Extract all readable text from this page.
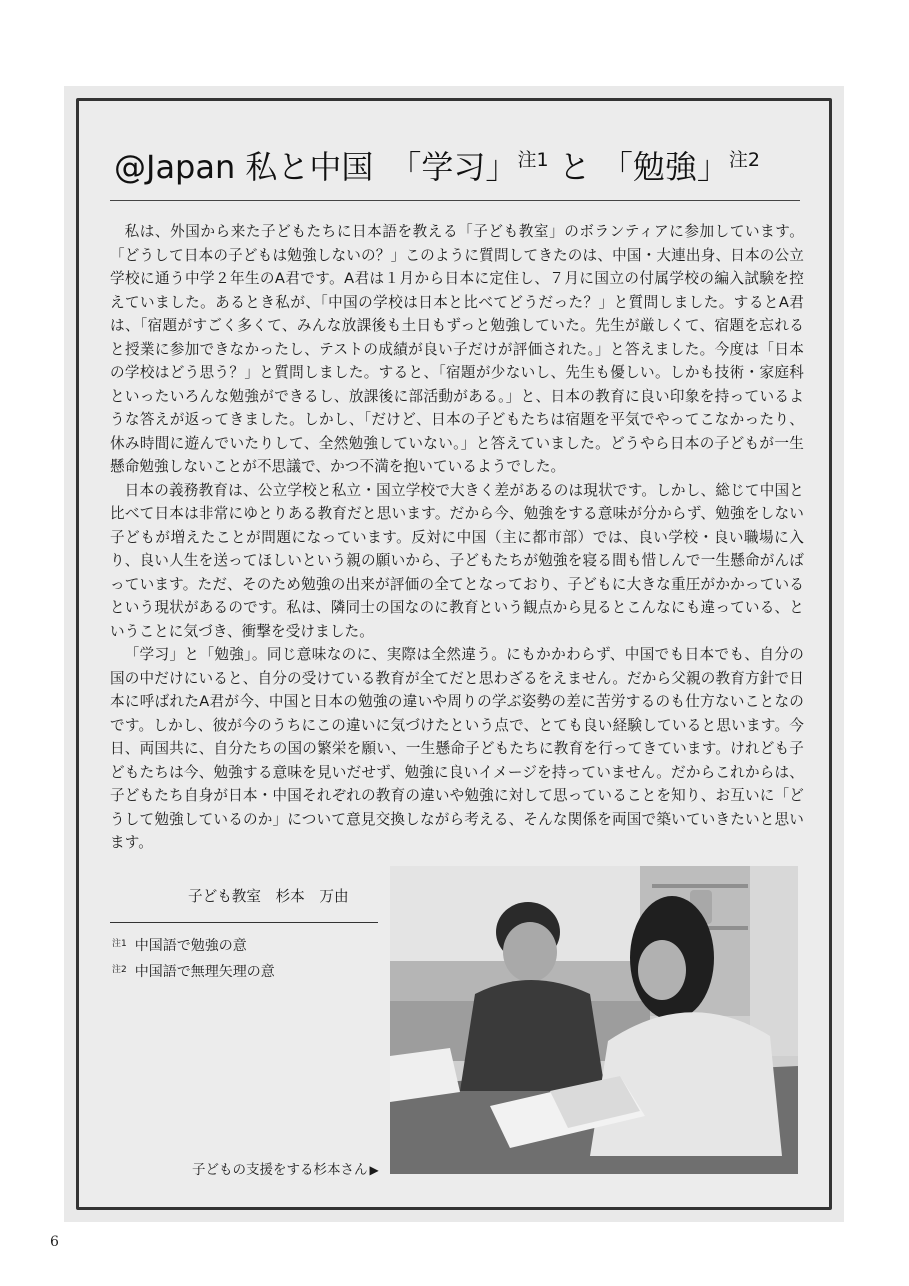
@Japan 私と中国　「学习」$^{注1}$ と 「勉強」$^{注2}$

私は、外国から来た子どもたちに日本語を教える「子ども教室」のボランティアに参加しています。「どうして日本の子どもは勉強しないの？」このように質問してきたのは、中国・大連出身、日本の公立学校に通う中学２年生のA君です。A君は１月から日本に定住し、７月に国立の付属学校の編入試験を控えていました。あるとき私が、「中国の学校は日本と比べてどうだった？」と質問しました。するとA君は、「宿題がすごく多くて、みんな放課後も土日もずっと勉強していた。先生が厳しくて、宿題を忘れると授業に参加できなかったし、テストの成績が良い子だけが評価された。」と答えました。今度は「日本の学校はどう思う？」と質問しました。すると、「宿題が少ないし、先生も優しい。しかも技術・家庭科といったいろんな勉強ができるし、放課後に部活動がある。」と、日本の教育に良い印象を持っているような答えが返ってきました。しかし、「だけど、日本の子どもたちは宿題を平気でやってこなかったり、休み時間に遊んでいたりして、全然勉強していない。」と答えていました。どうやら日本の子どもが一生懸命勉強しないことが不思議で、かつ不満を抱いているようでした。

日本の義務教育は、公立学校と私立・国立学校で大きく差があるのは現状です。しかし、総じて中国と比べて日本は非常にゆとりある教育だと思います。だから今、勉強をする意味が分からず、勉強をしない子どもが増えたことが問題になっています。反対に中国（主に都市部）では、良い学校・良い職場に入り、良い人生を送ってほしいという親の願いから、子どもたちが勉強を寝る間も惜しんで一生懸命がんばっています。ただ、そのため勉強の出来が評価の全てとなっており、子どもに大きな重圧がかかっているという現状があるのです。私は、隣同士の国なのに教育という観点から見るとこんなにも違っている、ということに気づき、衝撃を受けました。

「学习」と「勉強」。同じ意味なのに、実際は全然違う。にもかかわらず、中国でも日本でも、自分の国の中だけにいると、自分の受けている教育が全てだと思わざるをえません。だから父親の教育方針で日本に呼ばれたA君が今、中国と日本の勉強の違いや周りの学ぶ姿勢の差に苦労するのも仕方ないことなのです。しかし、彼が今のうちにこの違いに気づけたという点で、とても良い経験していると思います。今日、両国共に、自分たちの国の繁栄を願い、一生懸命子どもたちに教育を行ってきています。けれども子どもたちは今、勉強する意味を見いだせず、勉強に良いイメージを持っていません。だからこれからは、子どもたち自身が日本・中国それぞれの教育の違いや勉強に対して思っていることを知り、お互いに「どうして勉強しているのか」について意見交換しながら考える、そんな関係を両国で築いていきたいと思います。

子ども教室　杉本　万由
$^{注1}$ 中国語で勉強の意
$^{注2}$ 中国語で無理矢理の意
子どもの支援をする杉本さん ▶
6
